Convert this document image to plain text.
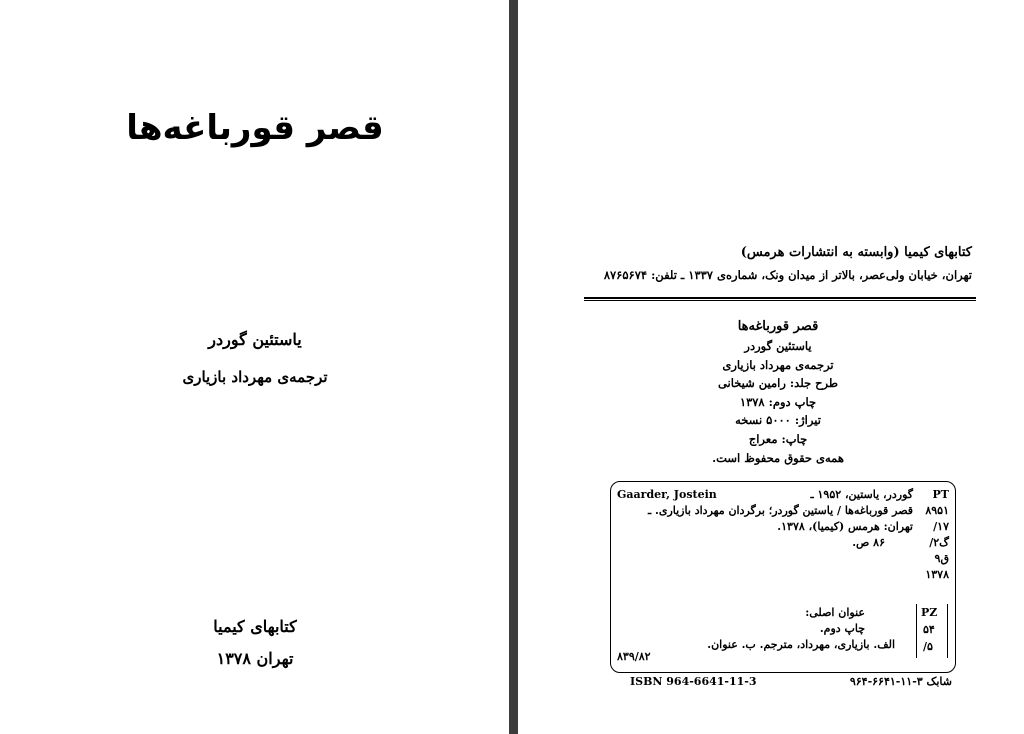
قصر قورباغه‌ها
یاستئین گوردر
ترجمه‌ی مهرداد بازیاری
کتابهای کیمیا
تهران ۱۳۷۸
کتابهای کیمیا (وابسته به انتشارات هرمس)
تهران، خیابان ولی‌عصر، بالاتر از میدان ونک، شماره‌ی ۱۳۳۷ ـ تلفن: ۸۷۶۵۶۷۴
قصر قورباغه‌ها
یاستئین گوردر
ترجمه‌ی مهرداد بازیاری
طرح جلد: رامین شیخانی
چاپ دوم: ۱۳۷۸
تیراژ: ۵۰۰۰ نسخه
چاپ: معراج
همه‌ی حقوق محفوظ است.
PT
۸۹۵۱
/۱۷
/۲گ
ق۹
۱۳۷۸
Gaarder, Jostein	گوردر، یاستین، ۱۹۵۲ ـ
قصر قورباغه‌ها / یاستین گوردر؛ برگردان مهرداد بازیاری. ـ
تهران: هرمس (کیمیا)، ۱۳۷۸.
۸۶ ص.
عنوان اصلی:
چاپ دوم.
الف. بازیاری، مهرداد، مترجم. ب. عنوان.
۸۳۹/۸۲
PZ
۵۴
/۵
ISBN 964-6641-11-3	شابک ۳-۱۱-۶۶۴۱-۹۶۴
